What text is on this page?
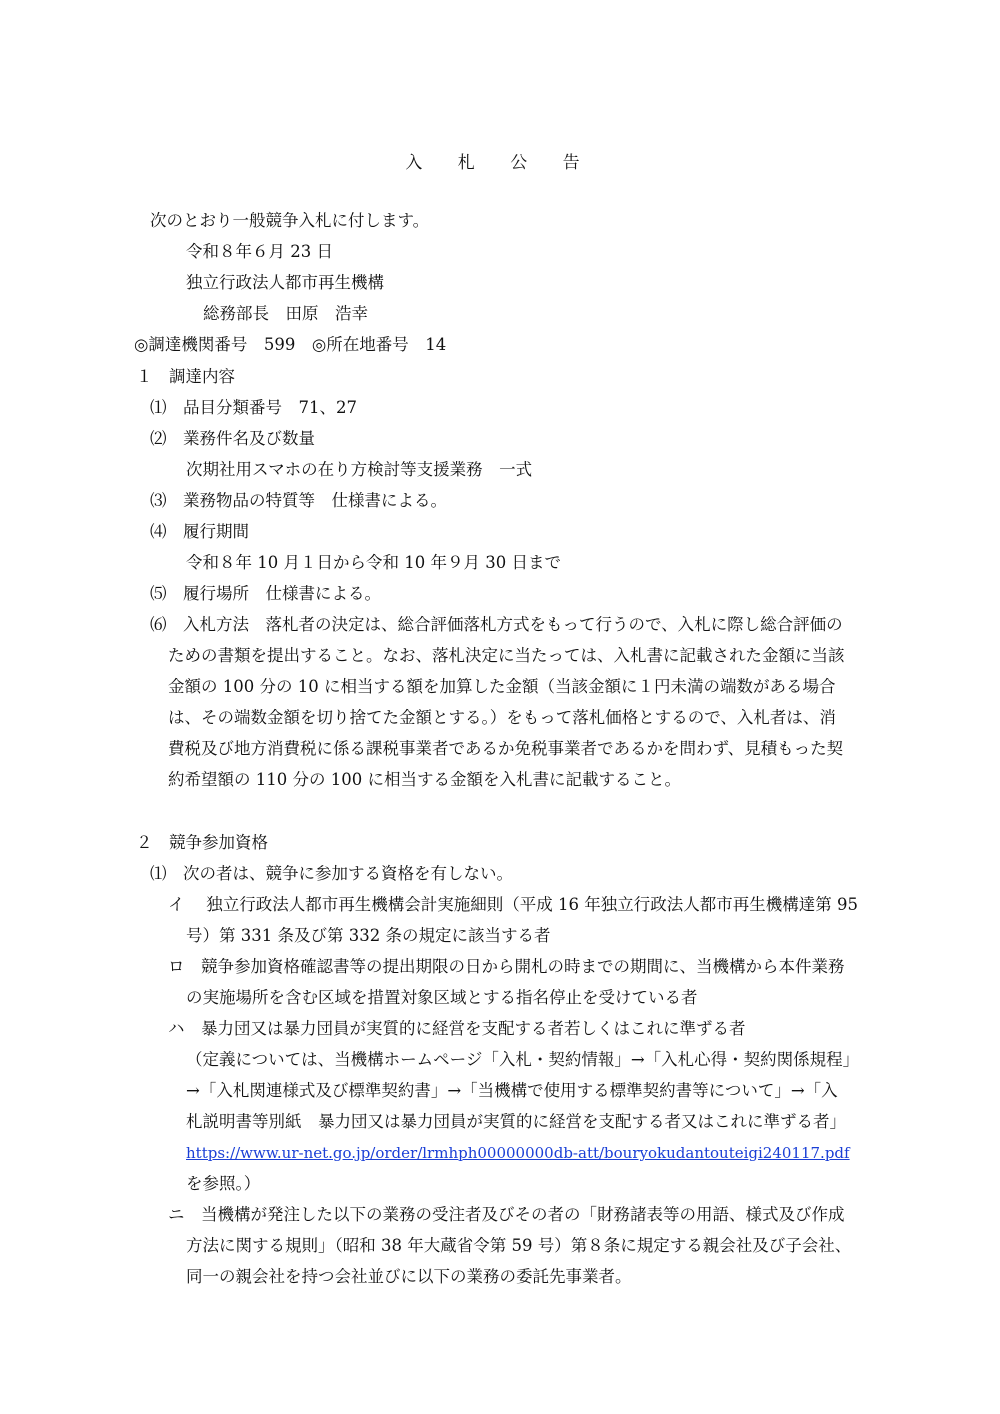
入 札 公 告
次のとおり一般競争入札に付します。
令和８年６月 23 日
独立行政法人都市再生機構
総務部長　田原　浩幸
◎調達機関番号　599　◎所在地番号　14
１　調達内容
⑴　品目分類番号　71、27
⑵　業務件名及び数量
次期社用スマホの在り方検討等支援業務　一式
⑶　業務物品の特質等　仕様書による。
⑷　履行期間
令和８年 10 月１日から令和 10 年９月 30 日まで
⑸　履行場所　仕様書による。
⑹　入札方法　落札者の決定は、総合評価落札方式をもって行うので、入札に際し総合評価の
ための書類を提出すること。なお、落札決定に当たっては、入札書に記載された金額に当該
金額の 100 分の 10 に相当する額を加算した金額（当該金額に１円未満の端数がある場合
は、その端数金額を切り捨てた金額とする。）をもって落札価格とするので、入札者は、消
費税及び地方消費税に係る課税事業者であるか免税事業者であるかを問わず、見積もった契
約希望額の 110 分の 100 に相当する金額を入札書に記載すること。
２　競争参加資格
⑴　次の者は、競争に参加する資格を有しない。
イ　 独立行政法人都市再生機構会計実施細則（平成 16 年独立行政法人都市再生機構達第 95
号）第 331 条及び第 332 条の規定に該当する者
ロ　競争参加資格確認書等の提出期限の日から開札の時までの期間に、当機構から本件業務
の実施場所を含む区域を措置対象区域とする指名停止を受けている者
ハ　暴力団又は暴力団員が実質的に経営を支配する者若しくはこれに準ずる者
（定義については、当機構ホームページ「入札・契約情報」→「入札心得・契約関係規程」
→「入札関連様式及び標準契約書」→「当機構で使用する標準契約書等について」→「入
札説明書等別紙　暴力団又は暴力団員が実質的に経営を支配する者又はこれに準ずる者」
https://www.ur-net.go.jp/order/lrmhph00000000db-att/bouryokudantouteigi240117.pdf
を参照。）
ニ　当機構が発注した以下の業務の受注者及びその者の「財務諸表等の用語、様式及び作成
方法に関する規則」（昭和 38 年大蔵省令第 59 号）第８条に規定する親会社及び子会社、
同一の親会社を持つ会社並びに以下の業務の委託先事業者。
